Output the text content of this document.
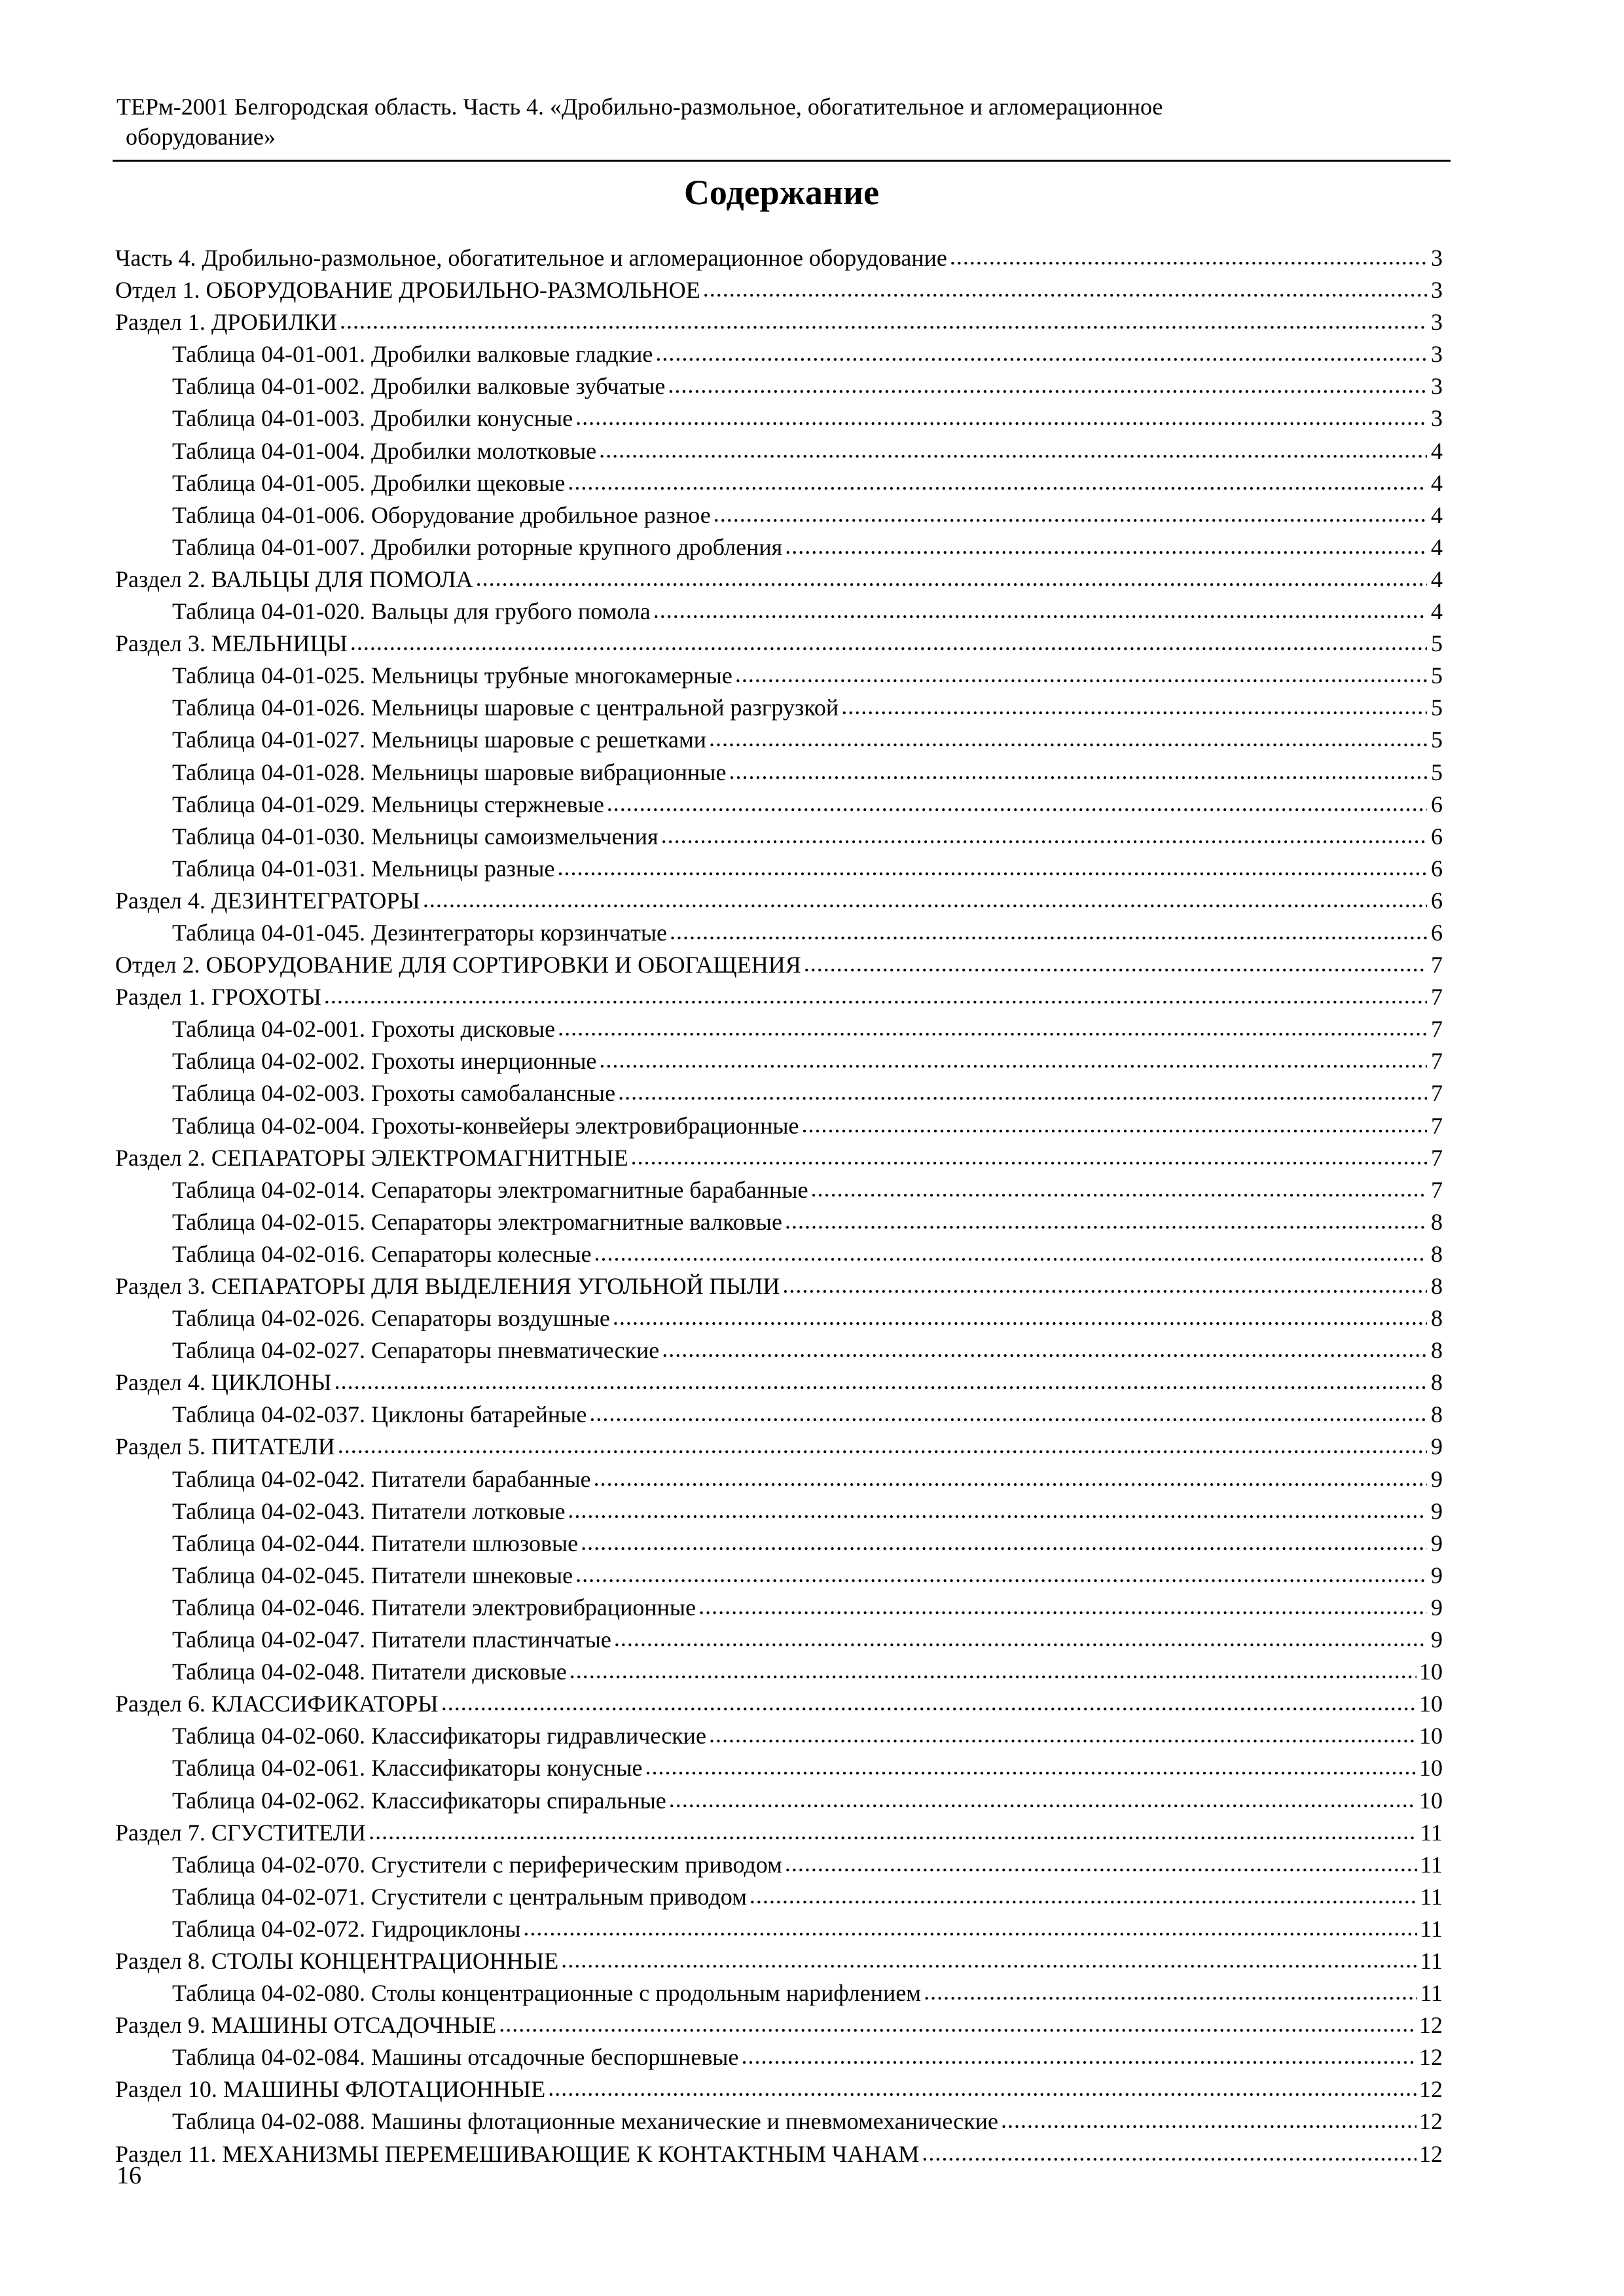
ТЕРм-2001 Белгородская область. Часть 4. «Дробильно-размольное, обогатительное и агломерационное
оборудование»
Содержание
Часть 4. Дробильно-размольное, обогатительное и агломерационное оборудование .....	3
Отдел 1. ОБОРУДОВАНИЕ ДРОБИЛЬНО-РАЗМОЛЬНОЕ .....	3
Раздел 1. ДРОБИЛКИ .....	3
Таблица 04-01-001. Дробилки валковые гладкие .....	3
Таблица 04-01-002. Дробилки валковые зубчатые .....	3
Таблица 04-01-003. Дробилки конусные .....	3
Таблица 04-01-004. Дробилки молотковые .....	4
Таблица 04-01-005. Дробилки щековые .....	4
Таблица 04-01-006. Оборудование дробильное разное .....	4
Таблица 04-01-007. Дробилки роторные крупного дробления .....	4
Раздел 2. ВАЛЬЦЫ ДЛЯ ПОМОЛА .....	4
Таблица 04-01-020. Вальцы для грубого помола .....	4
Раздел 3. МЕЛЬНИЦЫ .....	5
Таблица 04-01-025. Мельницы трубные многокамерные .....	5
Таблица 04-01-026. Мельницы шаровые с центральной разгрузкой .....	5
Таблица 04-01-027. Мельницы шаровые с решетками .....	5
Таблица 04-01-028. Мельницы шаровые вибрационные .....	5
Таблица 04-01-029. Мельницы стержневые .....	6
Таблица 04-01-030. Мельницы самоизмельчения .....	6
Таблица 04-01-031. Мельницы разные .....	6
Раздел 4. ДЕЗИНТЕГРАТОРЫ .....	6
Таблица 04-01-045. Дезинтеграторы корзинчатые .....	6
Отдел 2. ОБОРУДОВАНИЕ ДЛЯ СОРТИРОВКИ И ОБОГАЩЕНИЯ .....	7
Раздел 1. ГРОХОТЫ .....	7
Таблица 04-02-001. Грохоты дисковые .....	7
Таблица 04-02-002. Грохоты инерционные .....	7
Таблица 04-02-003. Грохоты самобалансные .....	7
Таблица 04-02-004. Грохоты-конвейеры электровибрационные .....	7
Раздел 2. СЕПАРАТОРЫ ЭЛЕКТРОМАГНИТНЫЕ .....	7
Таблица 04-02-014. Сепараторы электромагнитные барабанные .....	7
Таблица 04-02-015. Сепараторы электромагнитные валковые .....	8
Таблица 04-02-016. Сепараторы колесные .....	8
Раздел 3. СЕПАРАТОРЫ ДЛЯ ВЫДЕЛЕНИЯ УГОЛЬНОЙ ПЫЛИ .....	8
Таблица 04-02-026. Сепараторы воздушные .....	8
Таблица 04-02-027. Сепараторы пневматические .....	8
Раздел 4. ЦИКЛОНЫ .....	8
Таблица 04-02-037. Циклоны батарейные .....	8
Раздел 5. ПИТАТЕЛИ .....	9
Таблица 04-02-042. Питатели барабанные .....	9
Таблица 04-02-043. Питатели лотковые .....	9
Таблица 04-02-044. Питатели шлюзовые .....	9
Таблица 04-02-045. Питатели шнековые .....	9
Таблица 04-02-046. Питатели электровибрационные .....	9
Таблица 04-02-047. Питатели пластинчатые .....	9
Таблица 04-02-048. Питатели дисковые .....	10
Раздел 6. КЛАССИФИКАТОРЫ .....	10
Таблица 04-02-060. Классификаторы гидравлические .....	10
Таблица 04-02-061. Классификаторы конусные .....	10
Таблица 04-02-062. Классификаторы спиральные .....	10
Раздел 7. СГУСТИТЕЛИ .....	11
Таблица 04-02-070. Сгустители с периферическим приводом .....	11
Таблица 04-02-071. Сгустители с центральным приводом .....	11
Таблица 04-02-072. Гидроциклоны .....	11
Раздел 8. СТОЛЫ КОНЦЕНТРАЦИОННЫЕ .....	11
Таблица 04-02-080. Столы концентрационные с продольным нарифлением .....	11
Раздел 9. МАШИНЫ ОТСАДОЧНЫЕ .....	12
Таблица 04-02-084. Машины отсадочные беспоршневые .....	12
Раздел 10. МАШИНЫ ФЛОТАЦИОННЫЕ .....	12
Таблица 04-02-088. Машины флотационные механические и пневмомеханические .....	12
Раздел 11. МЕХАНИЗМЫ ПЕРЕМЕШИВАЮЩИЕ К КОНТАКТНЫМ ЧАНАМ .....	12
16
